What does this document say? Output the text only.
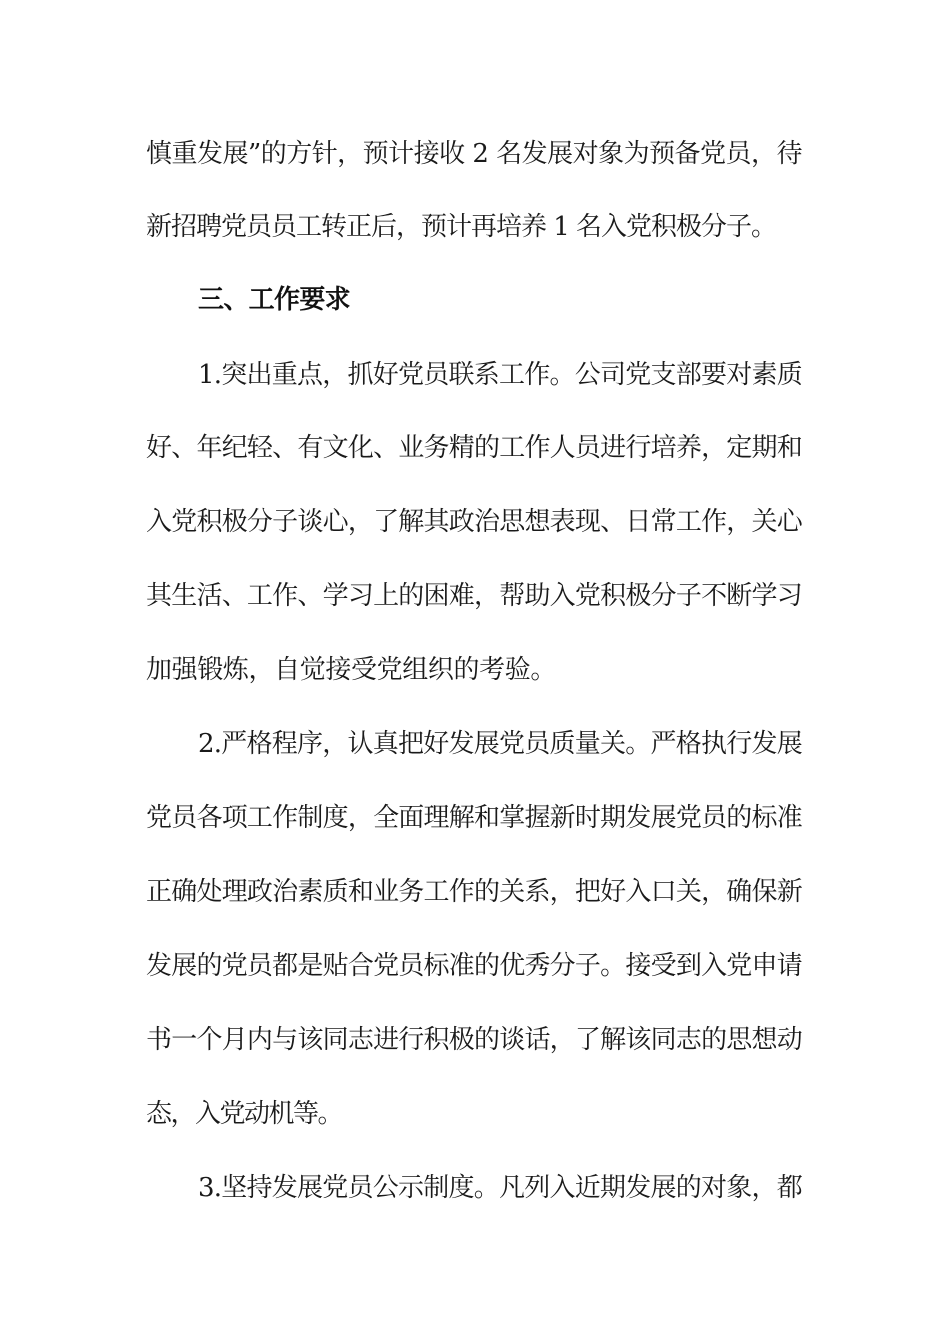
慎重发展”的方针，预计接收 2 名发展对象为预备党员，待
新招聘党员员工转正后，预计再培养 1 名入党积极分子。
三、工作要求
1.突出重点，抓好党员联系工作。公司党支部要对素质
好、年纪轻、有文化、业务精的工作人员进行培养，定期和
入党积极分子谈心，了解其政治思想表现、日常工作，关心
其生活、工作、学习上的困难，帮助入党积极分子不断学习
加强锻炼，自觉接受党组织的考验。
2.严格程序，认真把好发展党员质量关。严格执行发展
党员各项工作制度，全面理解和掌握新时期发展党员的标准
正确处理政治素质和业务工作的关系，把好入口关，确保新
发展的党员都是贴合党员标准的优秀分子。接受到入党申请
书一个月内与该同志进行积极的谈话，了解该同志的思想动
态，入党动机等。
3.坚持发展党员公示制度。凡列入近期发展的对象，都
